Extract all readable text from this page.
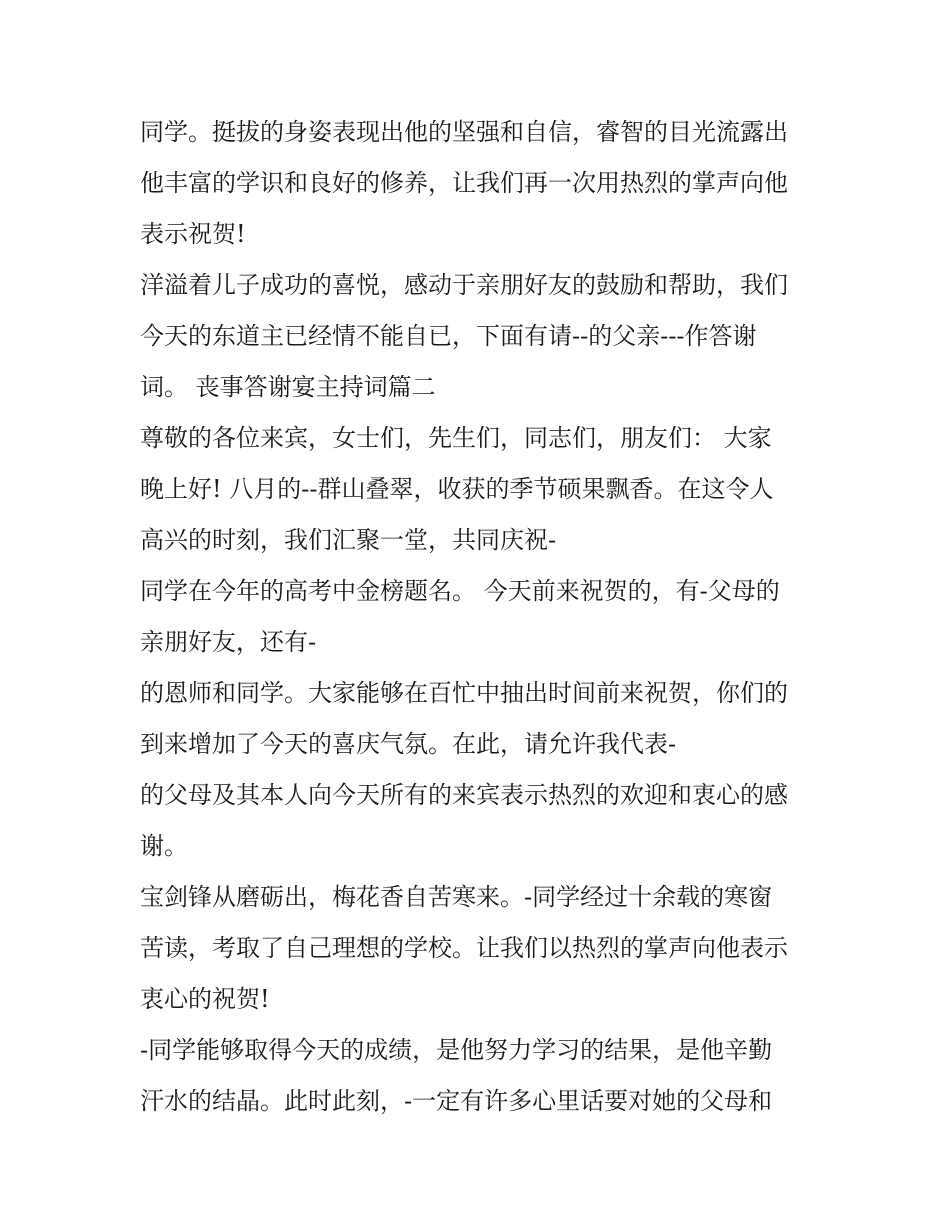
同学。挺拔的身姿表现出他的坚强和自信，睿智的目光流露出
他丰富的学识和良好的修养，让我们再一次用热烈的掌声向他
表示祝贺!
洋溢着儿子成功的喜悦，感动于亲朋好友的鼓励和帮助，我们
今天的东道主已经情不能自已，下面有请--的父亲---作答谢
词。 丧事答谢宴主持词篇二
尊敬的各位来宾，女士们，先生们，同志们，朋友们： 大家
晚上好! 八月的--群山叠翠，收获的季节硕果飘香。在这令人
高兴的时刻，我们汇聚一堂，共同庆祝-
同学在今年的高考中金榜题名。 今天前来祝贺的，有-父母的
亲朋好友，还有-
的恩师和同学。大家能够在百忙中抽出时间前来祝贺，你们的
到来增加了今天的喜庆气氛。在此，请允许我代表-
的父母及其本人向今天所有的来宾表示热烈的欢迎和衷心的感
谢。
宝剑锋从磨砺出，梅花香自苦寒来。-同学经过十余载的寒窗
苦读，考取了自己理想的学校。让我们以热烈的掌声向他表示
衷心的祝贺!
-同学能够取得今天的成绩，是他努力学习的结果，是他辛勤
汗水的结晶。此时此刻，-一定有许多心里话要对她的父母和
